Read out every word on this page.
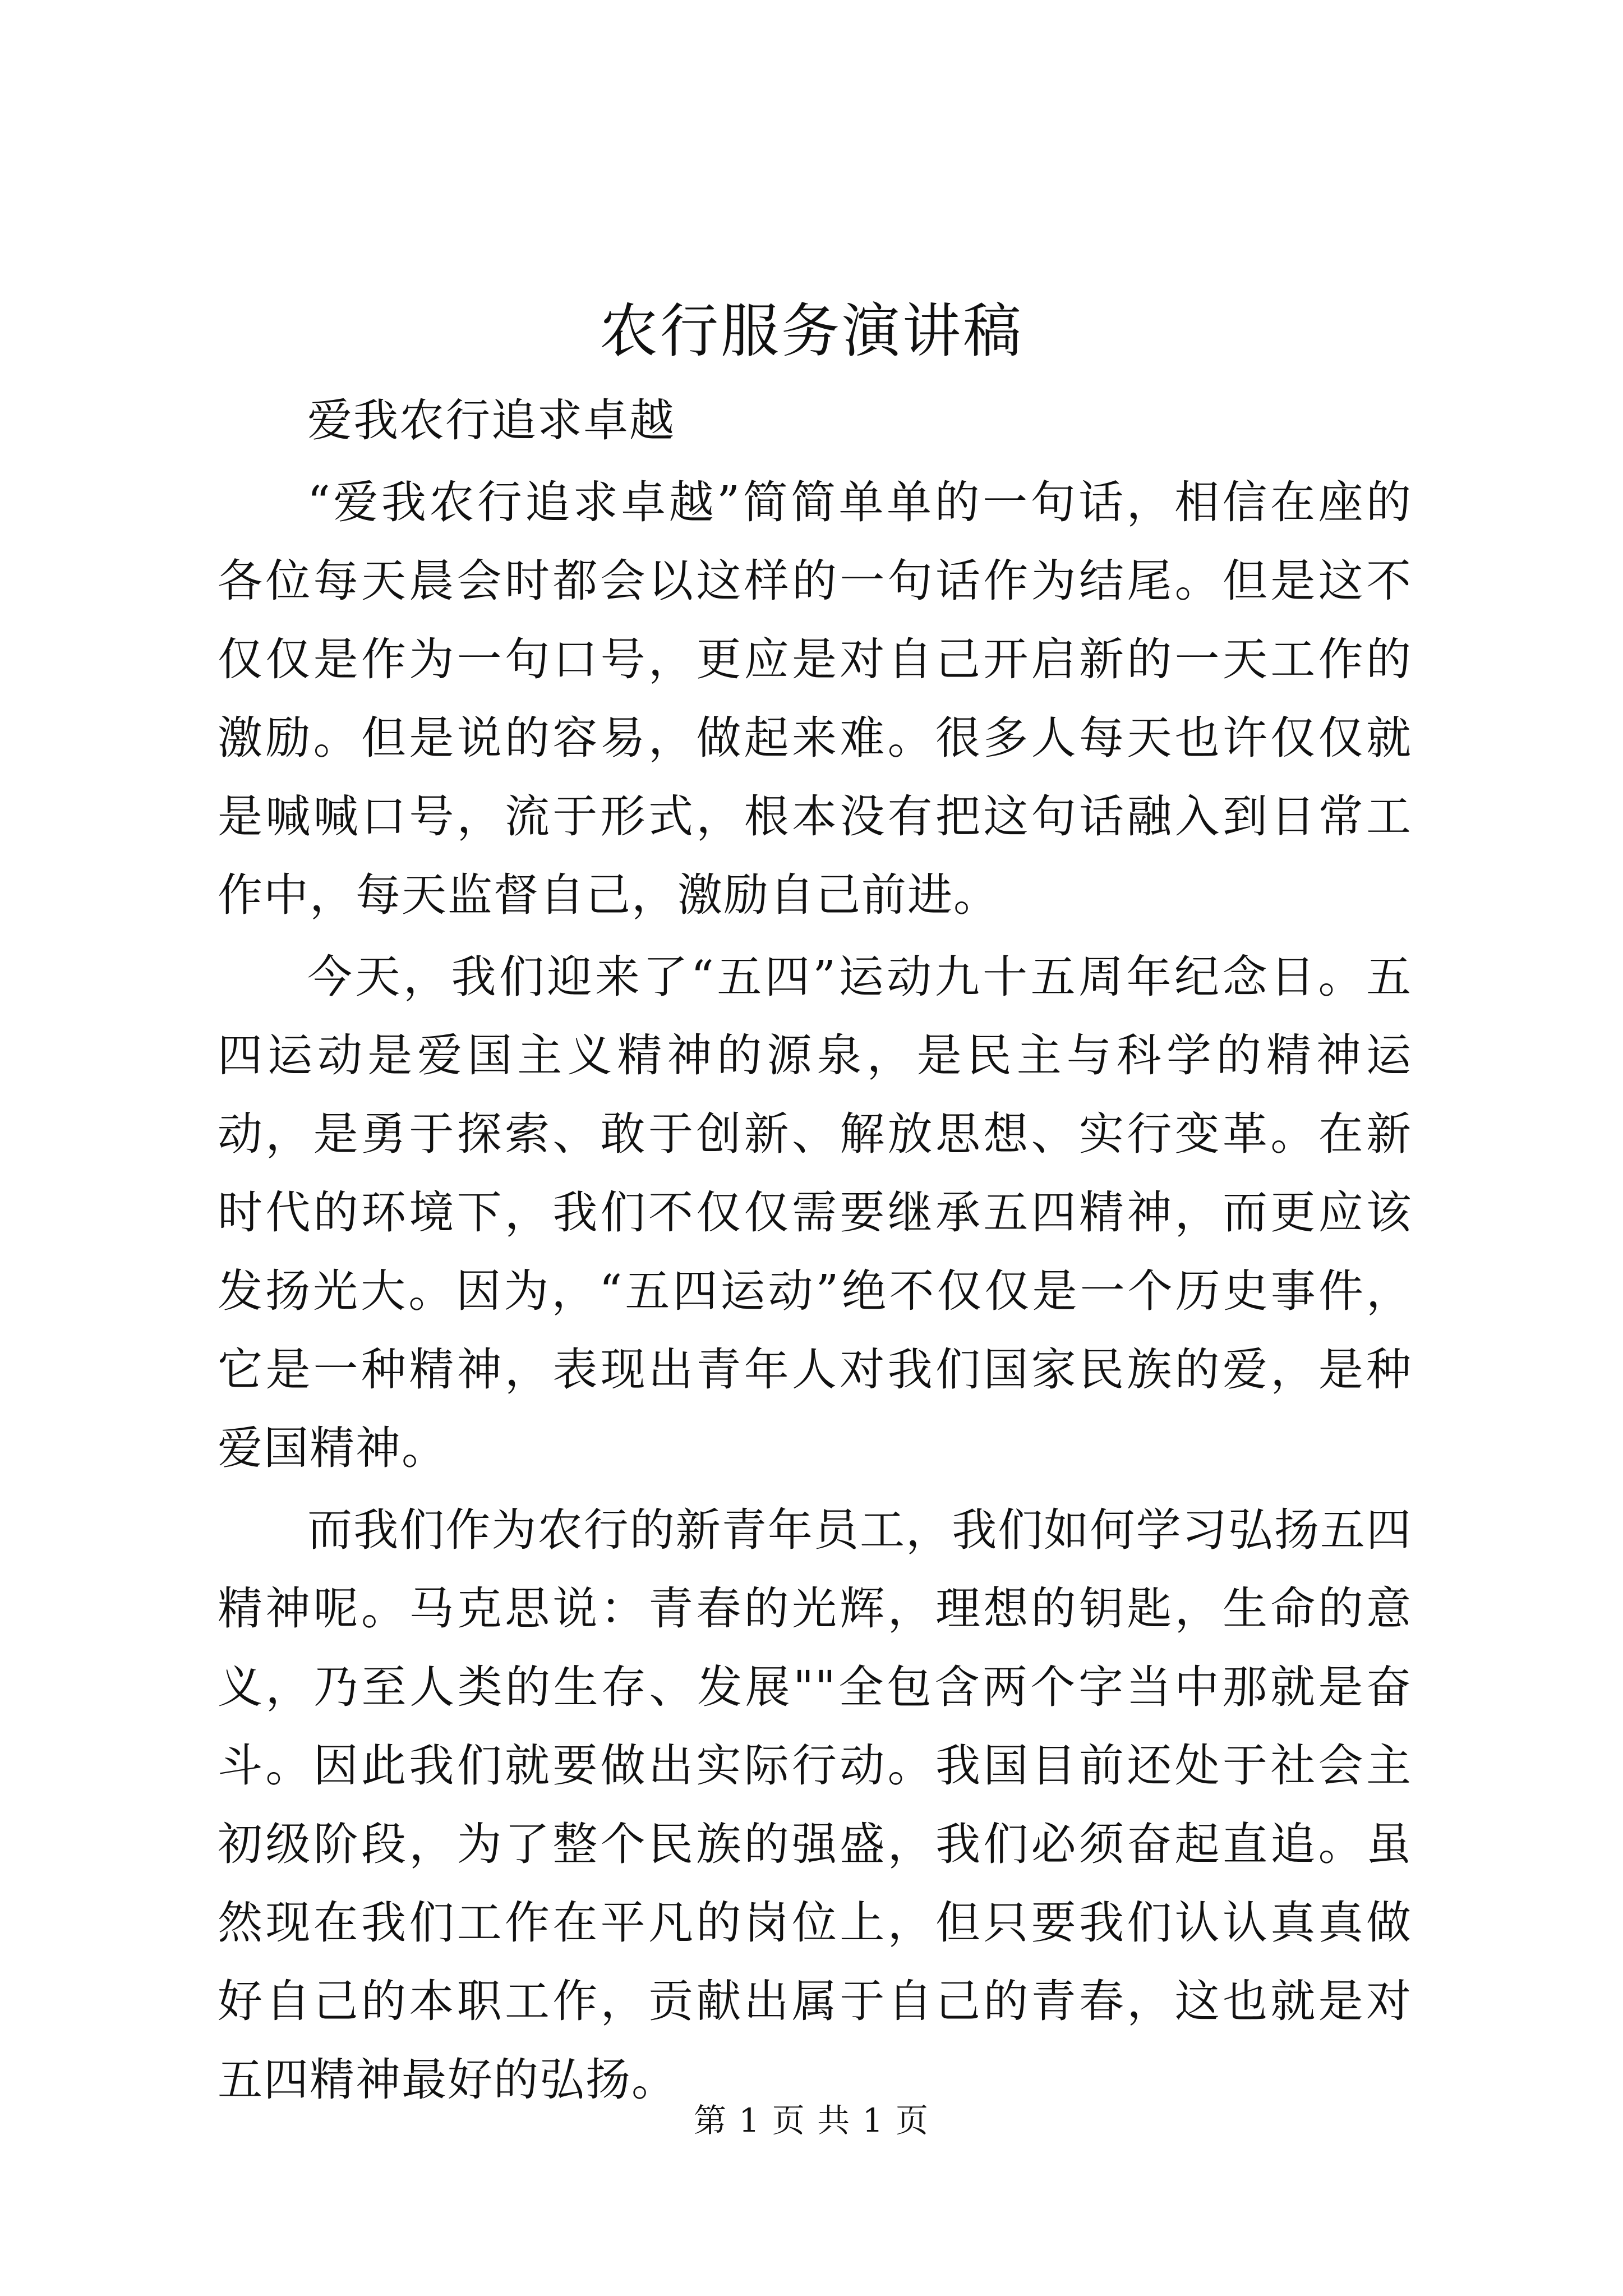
农行服务演讲稿

爱我农行追求卓越

“爱我农行追求卓越”简简单单的一句话，相信在座的各位每天晨会时都会以这样的一句话作为结尾。但是这不仅仅是作为一句口号，更应是对自己开启新的一天工作的激励。但是说的容易，做起来难。很多人每天也许仅仅就是喊喊口号，流于形式，根本没有把这句话融入到日常工作中，每天监督自己，激励自己前进。

今天，我们迎来了“五四”运动九十五周年纪念日。五四运动是爱国主义精神的源泉，是民主与科学的精神运动，是勇于探索、敢于创新、解放思想、实行变革。在新时代的环境下，我们不仅仅需要继承五四精神，而更应该发扬光大。因为，“五四运动”绝不仅仅是一个历史事件，它是一种精神，表现出青年人对我们国家民族的爱，是种爱国精神。

而我们作为农行的新青年员工，我们如何学习弘扬五四精神呢。马克思说：青春的光辉，理想的钥匙，生命的意义，乃至人类的生存、发展""全包含两个字当中那就是奋斗。因此我们就要做出实际行动。我国目前还处于社会主初级阶段，为了整个民族的强盛，我们必须奋起直追。虽然现在我们工作在平凡的岗位上，但只要我们认认真真做好自己的本职工作，贡献出属于自己的青春，这也就是对五四精神最好的弘扬。

第 1 页 共 1 页
